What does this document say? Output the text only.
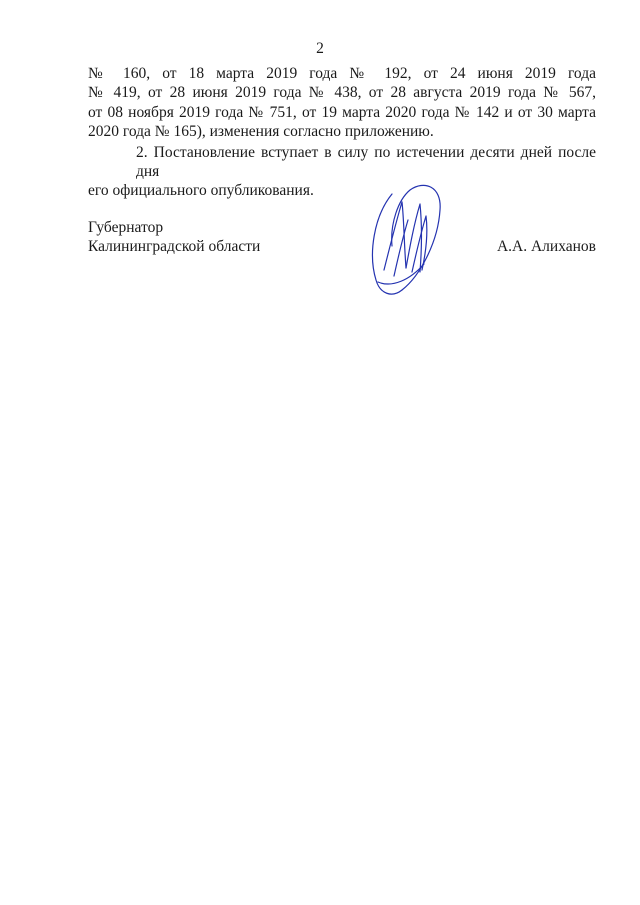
2
№ 160, от 18 марта 2019 года № 192, от 24 июня 2019 года
№ 419, от 28 июня 2019 года № 438, от 28 августа 2019 года № 567,
от 08 ноября 2019 года № 751, от 19 марта 2020 года № 142 и от 30 марта
2020 года № 165), изменения согласно приложению.
2. Постановление вступает в силу по истечении десяти дней после дня
его официального опубликования.
Губернатор
Калининградской области	А.А. Алиханов
